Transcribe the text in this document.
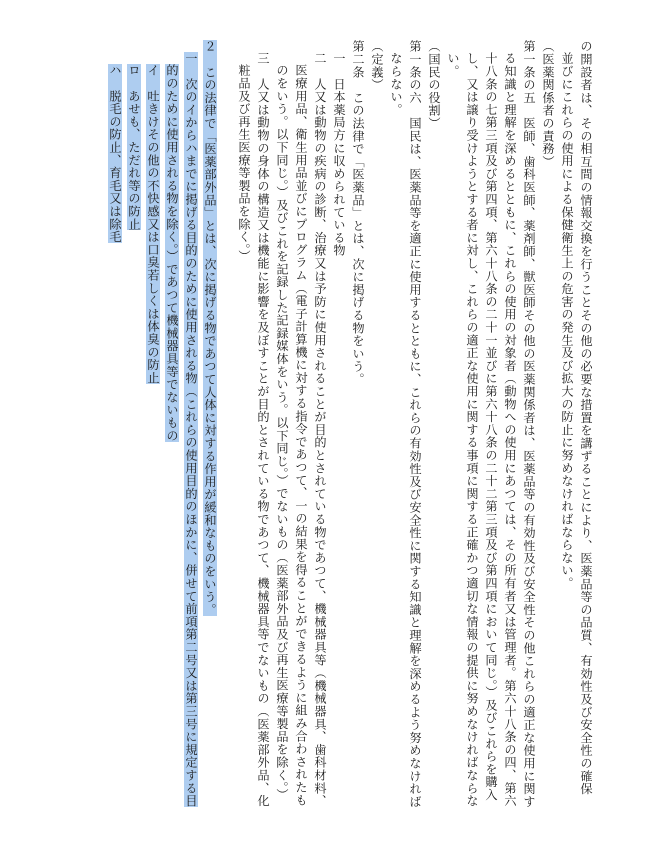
の開設者は、その相互間の情報交換を行うことその他の必要な措置を講ずることにより、医薬品等の品質、有効性及び安全性の確保
並びにこれらの使用による保健衛生上の危害の発生及び拡大の防止に努めなければならない。
（医薬関係者の責務）
第一条の五　医師、歯科医師、薬剤師、獣医師その他の医薬関係者は、医薬品等の有効性及び安全性その他これらの適正な使用に関す
る知識と理解を深めるとともに、これらの使用の対象者（動物への使用にあつては、その所有者又は管理者。第六十八条の四、第六
十八条の七第三項及び第四項、第六十八条の二十一並びに第六十八条の二十二第三項及び第四項において同じ。）及びこれらを購入
し、又は譲り受けようとする者に対し、これらの適正な使用に関する事項に関する正確かつ適切な情報の提供に努めなければならな
い。
（国民の役割）
第一条の六　国民は、医薬品等を適正に使用するとともに、これらの有効性及び安全性に関する知識と理解を深めるよう努めなければ
ならない。
（定義）
第二条　この法律で「医薬品」とは、次に掲げる物をいう。
一　日本薬局方に収められている物
二　人又は動物の疾病の診断、治療又は予防に使用されることが目的とされている物であつて、機械器具等（機械器具、歯科材料、
医療用品、衛生用品並びにプログラム（電子計算機に対する指令であつて、一の結果を得ることができるように組み合わされたも
のをいう。以下同じ。）及びこれを記録した記録媒体をいう。以下同じ。）でないもの（医薬部外品及び再生医療等製品を除く。）
三　人又は動物の身体の構造又は機能に影響を及ぼすことが目的とされている物であつて、機械器具等でないもの（医薬部外品、化
粧品及び再生医療等製品を除く。）
２　この法律で「医薬部外品」とは、次に掲げる物であつて人体に対する作用が緩和なものをいう。
一　次のイからハまでに掲げる目的のために使用される物（これらの使用目的のほかに、併せて前項第二号又は第三号に規定する目
的のために使用される物を除く。）であつて機械器具等でないもの
イ　吐きけその他の不快感又は口臭若しくは体臭の防止
ロ　あせも、ただれ等の防止
ハ　脱毛の防止、育毛又は除毛
